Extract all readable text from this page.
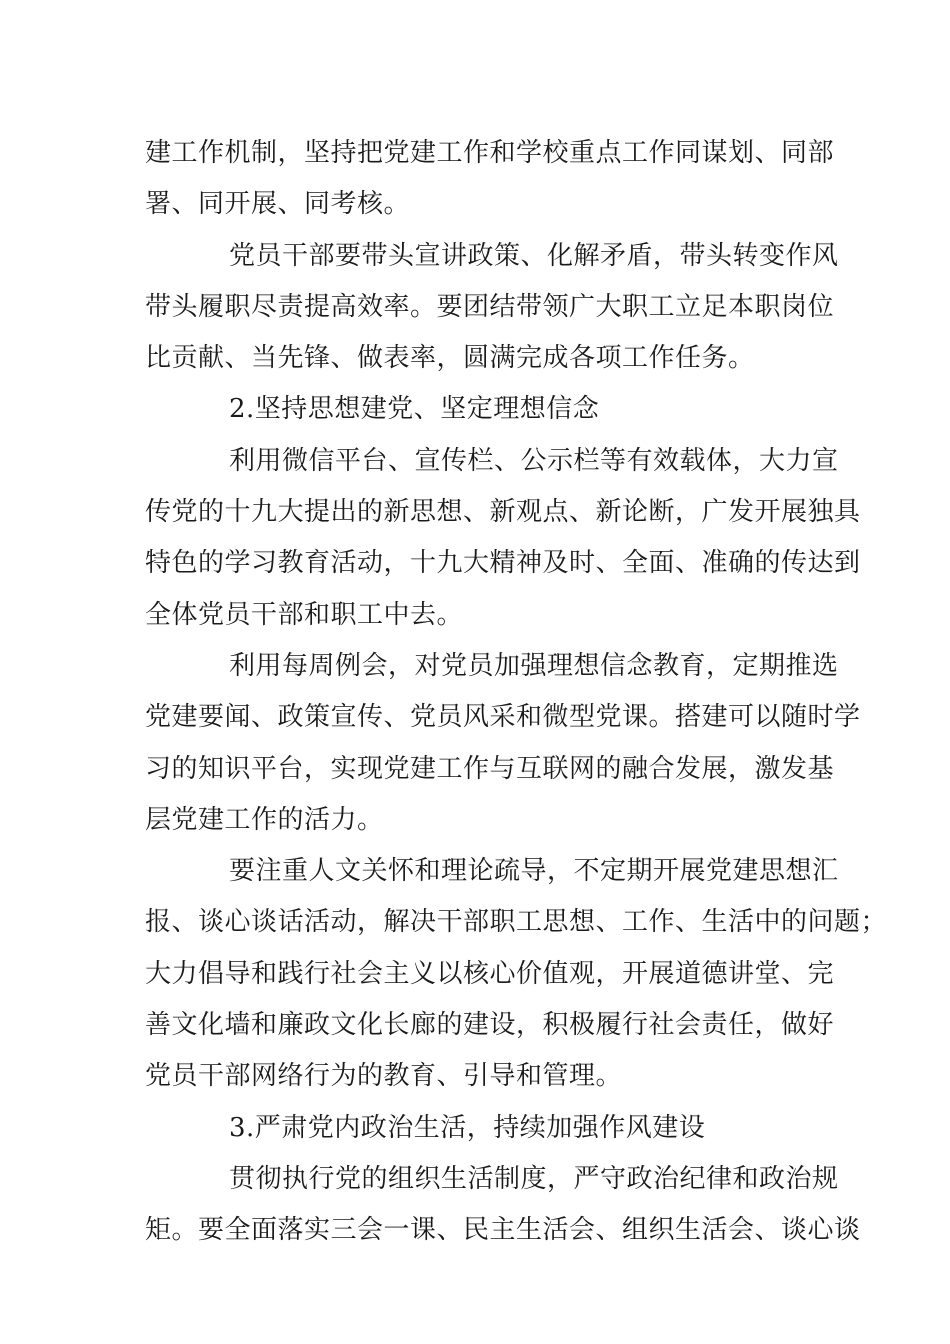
建工作机制，坚持把党建工作和学校重点工作同谋划、同部
署、同开展、同考核。
党员干部要带头宣讲政策、化解矛盾，带头转变作风
带头履职尽责提高效率。要团结带领广大职工立足本职岗位
比贡献、当先锋、做表率，圆满完成各项工作任务。
2.坚持思想建党、坚定理想信念
利用微信平台、宣传栏、公示栏等有效载体，大力宣
传党的十九大提出的新思想、新观点、新论断，广发开展独具
特色的学习教育活动，十九大精神及时、全面、准确的传达到
全体党员干部和职工中去。
利用每周例会，对党员加强理想信念教育，定期推选
党建要闻、政策宣传、党员风采和微型党课。搭建可以随时学
习的知识平台，实现党建工作与互联网的融合发展，激发基
层党建工作的活力。
要注重人文关怀和理论疏导，不定期开展党建思想汇
报、谈心谈话活动，解决干部职工思想、工作、生活中的问题；
大力倡导和践行社会主义以核心价值观，开展道德讲堂、完
善文化墙和廉政文化长廊的建设，积极履行社会责任，做好
党员干部网络行为的教育、引导和管理。
3.严肃党内政治生活，持续加强作风建设
贯彻执行党的组织生活制度，严守政治纪律和政治规
矩。要全面落实三会一课、民主生活会、组织生活会、谈心谈
